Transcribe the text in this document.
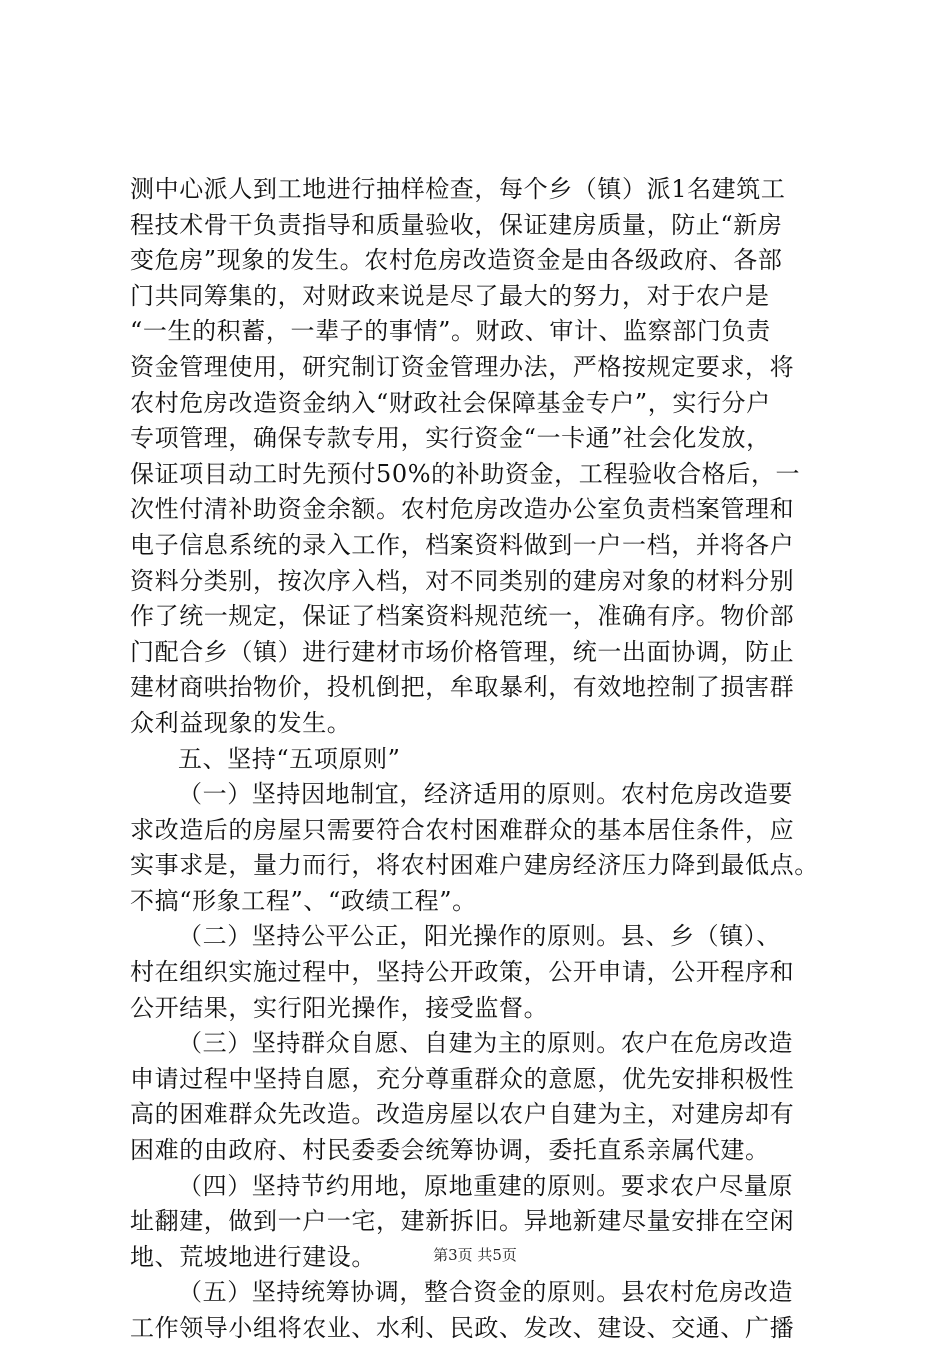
测中心派人到工地进行抽样检查，每个乡（镇）派1名建筑工
程技术骨干负责指导和质量验收，保证建房质量，防止“新房
变危房”现象的发生。农村危房改造资金是由各级政府、各部
门共同筹集的，对财政来说是尽了最大的努力，对于农户是
“一生的积蓄，一辈子的事情”。财政、审计、监察部门负责
资金管理使用，研究制订资金管理办法，严格按规定要求，将
农村危房改造资金纳入“财政社会保障基金专户”，实行分户
专项管理，确保专款专用，实行资金“一卡通”社会化发放，
保证项目动工时先预付50%的补助资金，工程验收合格后，一
次性付清补助资金余额。农村危房改造办公室负责档案管理和
电子信息系统的录入工作，档案资料做到一户一档，并将各户
资料分类别，按次序入档，对不同类别的建房对象的材料分别
作了统一规定，保证了档案资料规范统一，准确有序。物价部
门配合乡（镇）进行建材市场价格管理，统一出面协调，防止
建材商哄抬物价，投机倒把，牟取暴利，有效地控制了损害群
众利益现象的发生。
五、坚持“五项原则”
（一）坚持因地制宜，经济适用的原则。农村危房改造要
求改造后的房屋只需要符合农村困难群众的基本居住条件，应
实事求是，量力而行，将农村困难户建房经济压力降到最低点。
不搞“形象工程”、“政绩工程”。
（二）坚持公平公正，阳光操作的原则。县、乡（镇）、
村在组织实施过程中，坚持公开政策，公开申请，公开程序和
公开结果，实行阳光操作，接受监督。
（三）坚持群众自愿、自建为主的原则。农户在危房改造
申请过程中坚持自愿，充分尊重群众的意愿，优先安排积极性
高的困难群众先改造。改造房屋以农户自建为主，对建房却有
困难的由政府、村民委委会统筹协调，委托直系亲属代建。
（四）坚持节约用地，原地重建的原则。要求农户尽量原
址翻建，做到一户一宅，建新拆旧。异地新建尽量安排在空闲
地、荒坡地进行建设。
（五）坚持统筹协调，整合资金的原则。县农村危房改造
工作领导小组将农业、水利、民政、发改、建设、交通、广播
第3页 共5页
